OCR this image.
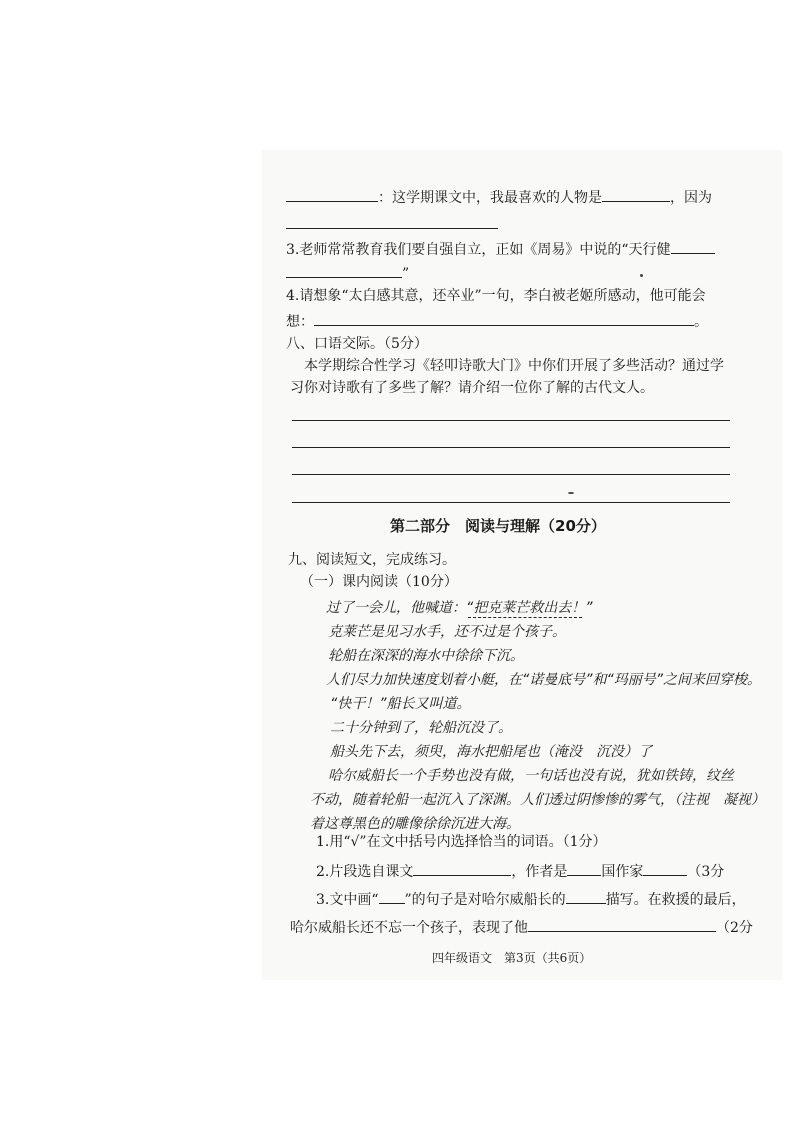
：这学期课文中，我最喜欢的人物是	，因为
3.老师常常教育我们要自强自立，正如《周易》中说的“天行健
”
4.请想象“太白感其意，还卒业”一句，李白被老姬所感动，他可能会
想：	。
八、口语交际。（5分）
本学期综合性学习《轻叩诗歌大门》中你们开展了多些活动？通过学
习你对诗歌有了多些了解？请介绍一位你了解的古代文人。
第二部分　阅读与理解（20分）
九、阅读短文，完成练习。
（一）课内阅读（10分）
过了一会儿，他喊道：“把克莱芒救出去！”
克莱芒是见习水手，还不过是个孩子。
轮船在深深的海水中徐徐下沉。
人们尽力加快速度划着小艇，在“诺曼底号”和“玛丽号”之间来回穿梭。
“快干！”船长又叫道。
二十分钟到了，轮船沉没了。
船头先下去，须臾，海水把船尾也（淹没　沉没）了
哈尔威船长一个手势也没有做，一句话也没有说，犹如铁铸，纹丝
不动，随着轮船一起沉入了深渊。人们透过阴惨惨的雾气，（注视　凝视）
着这尊黑色的雕像徐徐沉进大海。
1.用“√”在文中括号内选择恰当的词语。（1分）
2.片段选自课文	，作者是 国作家	（3分
3.文中画“ ”的句子是对哈尔威船长的	描写。在救援的最后，
哈尔威船长还不忘一个孩子，表现了他	（2分
四年级语文　第3页（共6页）
